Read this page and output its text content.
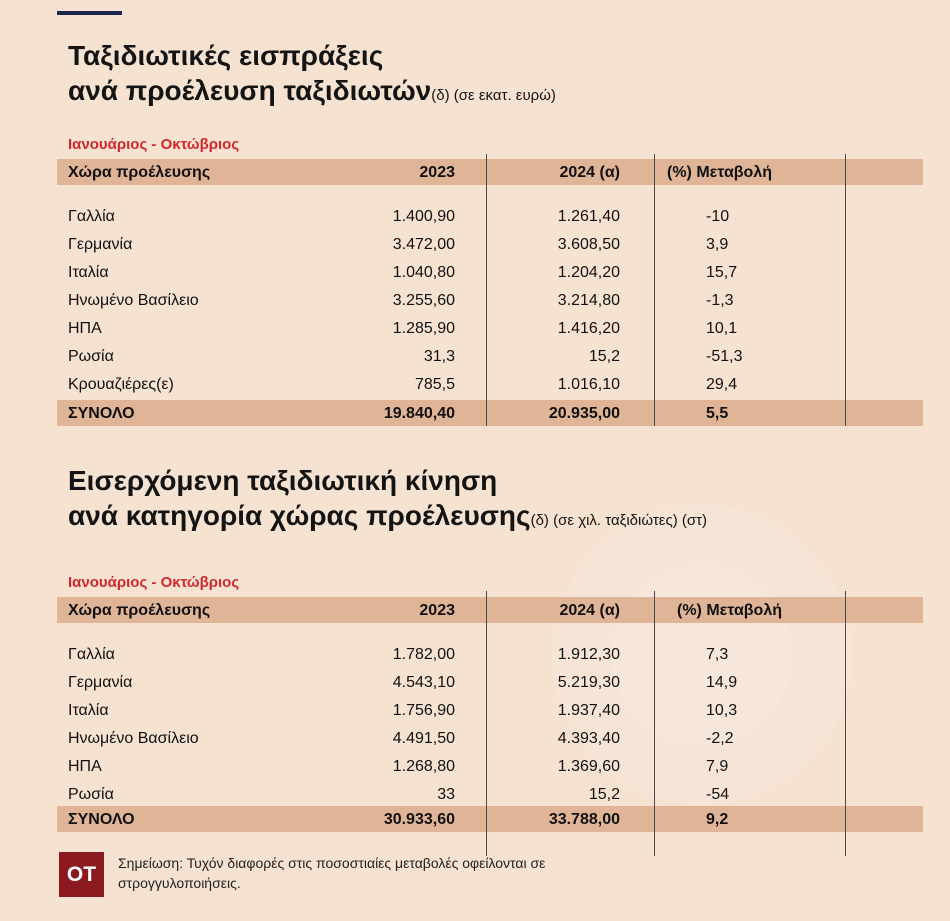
Ταξιδιωτικές εισπράξεις
ανά προέλευση ταξιδιωτών(δ) (σε εκατ. ευρώ)
Ιανουάριος - Οκτώβριος
Χώρα προέλευσης	2023	2024 (α)	(%) Μεταβολή
Γαλλία	1.400,90	1.261,40	-10
Γερμανία	3.472,00	3.608,50	3,9
Ιταλία	1.040,80	1.204,20	15,7
Ηνωμένο Βασίλειο	3.255,60	3.214,80	-1,3
ΗΠΑ	1.285,90	1.416,20	10,1
Ρωσία	31,3	15,2	-51,3
Κρουαζιέρες(ε)	785,5	1.016,10	29,4
ΣΥΝΟΛΟ	19.840,40	20.935,00	5,5
Εισερχόμενη ταξιδιωτική κίνηση
ανά κατηγορία χώρας προέλευσης(δ) (σε χιλ. ταξιδιώτες) (στ)
Ιανουάριος - Οκτώβριος
Χώρα προέλευσης	2023	2024 (α)	(%) Μεταβολή
Γαλλία	1.782,00	1.912,30	7,3
Γερμανία	4.543,10	5.219,30	14,9
Ιταλία	1.756,90	1.937,40	10,3
Ηνωμένο Βασίλειο	4.491,50	4.393,40	-2,2
ΗΠΑ	1.268,80	1.369,60	7,9
Ρωσία	33	15,2	-54
ΣΥΝΟΛΟ	30.933,60	33.788,00	9,2
ΟΤ	Σημείωση: Τυχόν διαφορές στις ποσοστιαίες μεταβολές οφείλονται σε στρογγυλοποιήσεις.
